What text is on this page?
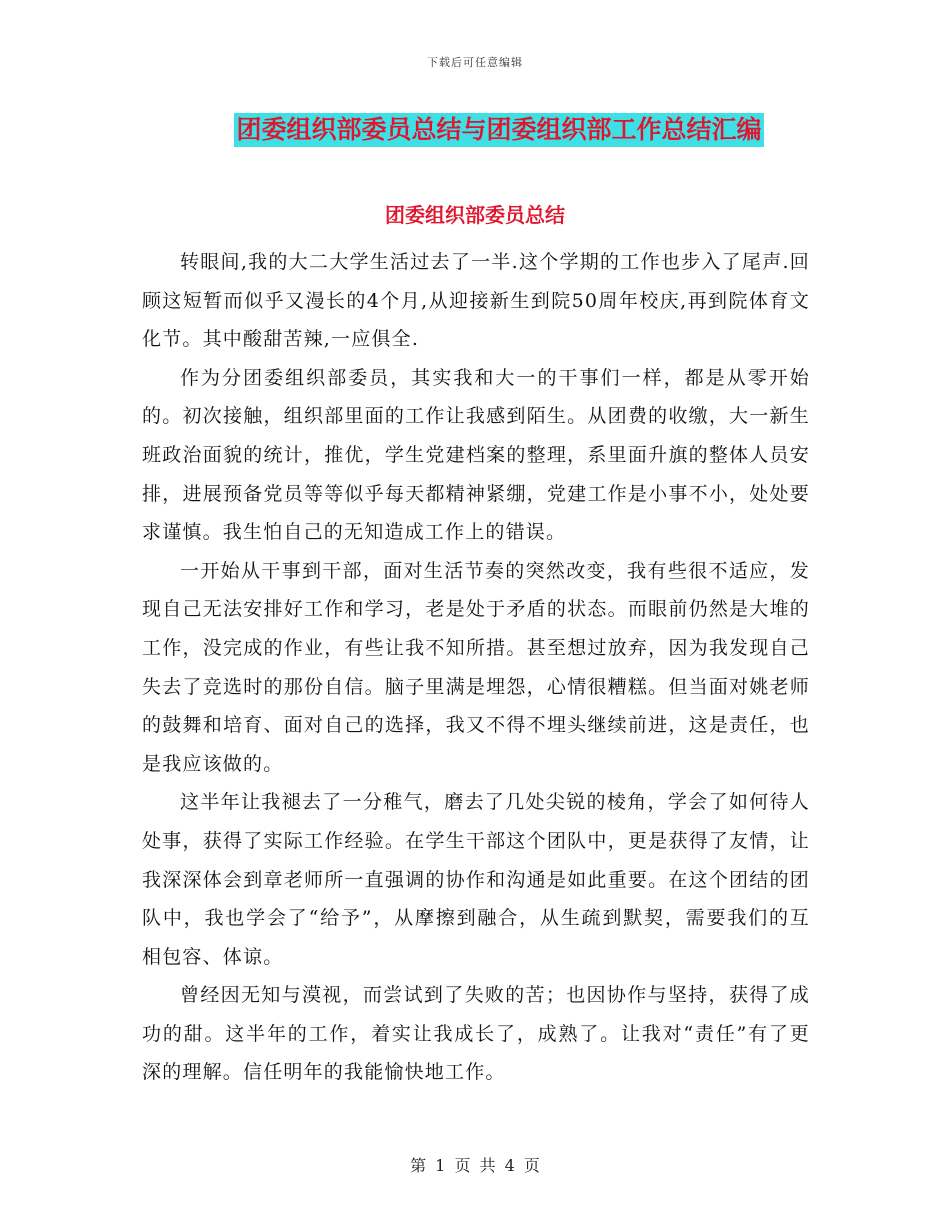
下载后可任意编辑
团委组织部委员总结与团委组织部工作总结汇编
团委组织部委员总结

转眼间,我的大二大学生活过去了一半.这个学期的工作也步入了尾声.回顾这短暂而似乎又漫长的4个月,从迎接新生到院50周年校庆,再到院体育文化节。其中酸甜苦辣,一应俱全.

作为分团委组织部委员，其实我和大一的干事们一样，都是从零开始的。初次接触，组织部里面的工作让我感到陌生。从团费的收缴，大一新生班政治面貌的统计，推优，学生党建档案的整理，系里面升旗的整体人员安排，进展预备党员等等似乎每天都精神紧绷，党建工作是小事不小，处处要求谨慎。我生怕自己的无知造成工作上的错误。

一开始从干事到干部，面对生活节奏的突然改变，我有些很不适应，发现自己无法安排好工作和学习，老是处于矛盾的状态。而眼前仍然是大堆的工作，没完成的作业，有些让我不知所措。甚至想过放弃，因为我发现自己失去了竞选时的那份自信。脑子里满是埋怨，心情很糟糕。但当面对姚老师的鼓舞和培育、面对自己的选择，我又不得不埋头继续前进，这是责任，也是我应该做的。

这半年让我褪去了一分稚气，磨去了几处尖锐的棱角，学会了如何待人处事，获得了实际工作经验。在学生干部这个团队中，更是获得了友情，让我深深体会到章老师所一直强调的协作和沟通是如此重要。在这个团结的团队中，我也学会了“给予”，从摩擦到融合，从生疏到默契，需要我们的互相包容、体谅。

曾经因无知与漠视，而尝试到了失败的苦；也因协作与坚持，获得了成功的甜。这半年的工作，着实让我成长了，成熟了。让我对“责任”有了更深的理解。信任明年的我能愉快地工作。

第 1 页 共 4 页
